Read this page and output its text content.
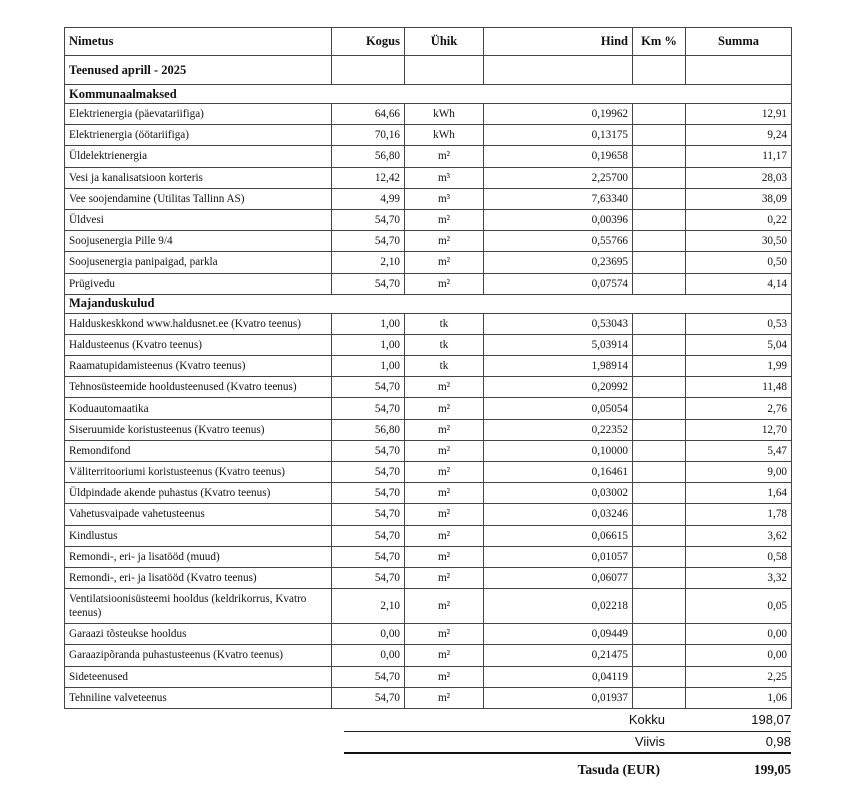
Nimetus	Kogus	Ühik	Hind	Km %	Summa
Teenused aprill - 2025					
Kommunaalmaksed					
Elektrienergia (päevatariifiga)	64,66	kWh	0,19962		12,91
Elektrienergia (öötariifiga)	70,16	kWh	0,13175		9,24
Üldelektrienergia	56,80	m²	0,19658		11,17
Vesi ja kanalisatsioon korteris	12,42	m³	2,25700		28,03
Vee soojendamine (Utilitas Tallinn AS)	4,99	m³	7,63340		38,09
Üldvesi	54,70	m²	0,00396		0,22
Soojusenergia Pille 9/4	54,70	m²	0,55766		30,50
Soojusenergia panipaigad, parkla	2,10	m²	0,23695		0,50
Prügivedu	54,70	m²	0,07574		4,14
Majanduskulud					
Halduskeskkond www.haldusnet.ee (Kvatro teenus)	1,00	tk	0,53043		0,53
Haldusteenus (Kvatro teenus)	1,00	tk	5,03914		5,04
Raamatupidamisteenus (Kvatro teenus)	1,00	tk	1,98914		1,99
Tehnosüsteemide hooldusteenused (Kvatro teenus)	54,70	m²	0,20992		11,48
Koduautomaatika	54,70	m²	0,05054		2,76
Siseruumide koristusteenus (Kvatro teenus)	56,80	m²	0,22352		12,70
Remondifond	54,70	m²	0,10000		5,47
Väliterritooriumi koristusteenus (Kvatro teenus)	54,70	m²	0,16461		9,00
Üldpindade akende puhastus (Kvatro teenus)	54,70	m²	0,03002		1,64
Vahetusvaipade vahetusteenus	54,70	m²	0,03246		1,78
Kindlustus	54,70	m²	0,06615		3,62
Remondi-, eri- ja lisatööd (muud)	54,70	m²	0,01057		0,58
Remondi-, eri- ja lisatööd (Kvatro teenus)	54,70	m²	0,06077		3,32
Ventilatsioonisüsteemi hooldus (keldrikorrus, Kvatro teenus)	2,10	m²	0,02218		0,05
Garaazi tõsteukse hooldus	0,00	m²	0,09449		0,00
Garaazipõranda puhastusteenus (Kvatro teenus)	0,00	m²	0,21475		0,00
Sideteenused	54,70	m²	0,04119		2,25
Tehniline valveteenus	54,70	m²	0,01937		1,06
Kokku	198,07
Viivis	0,98
Tasuda (EUR)	199,05
